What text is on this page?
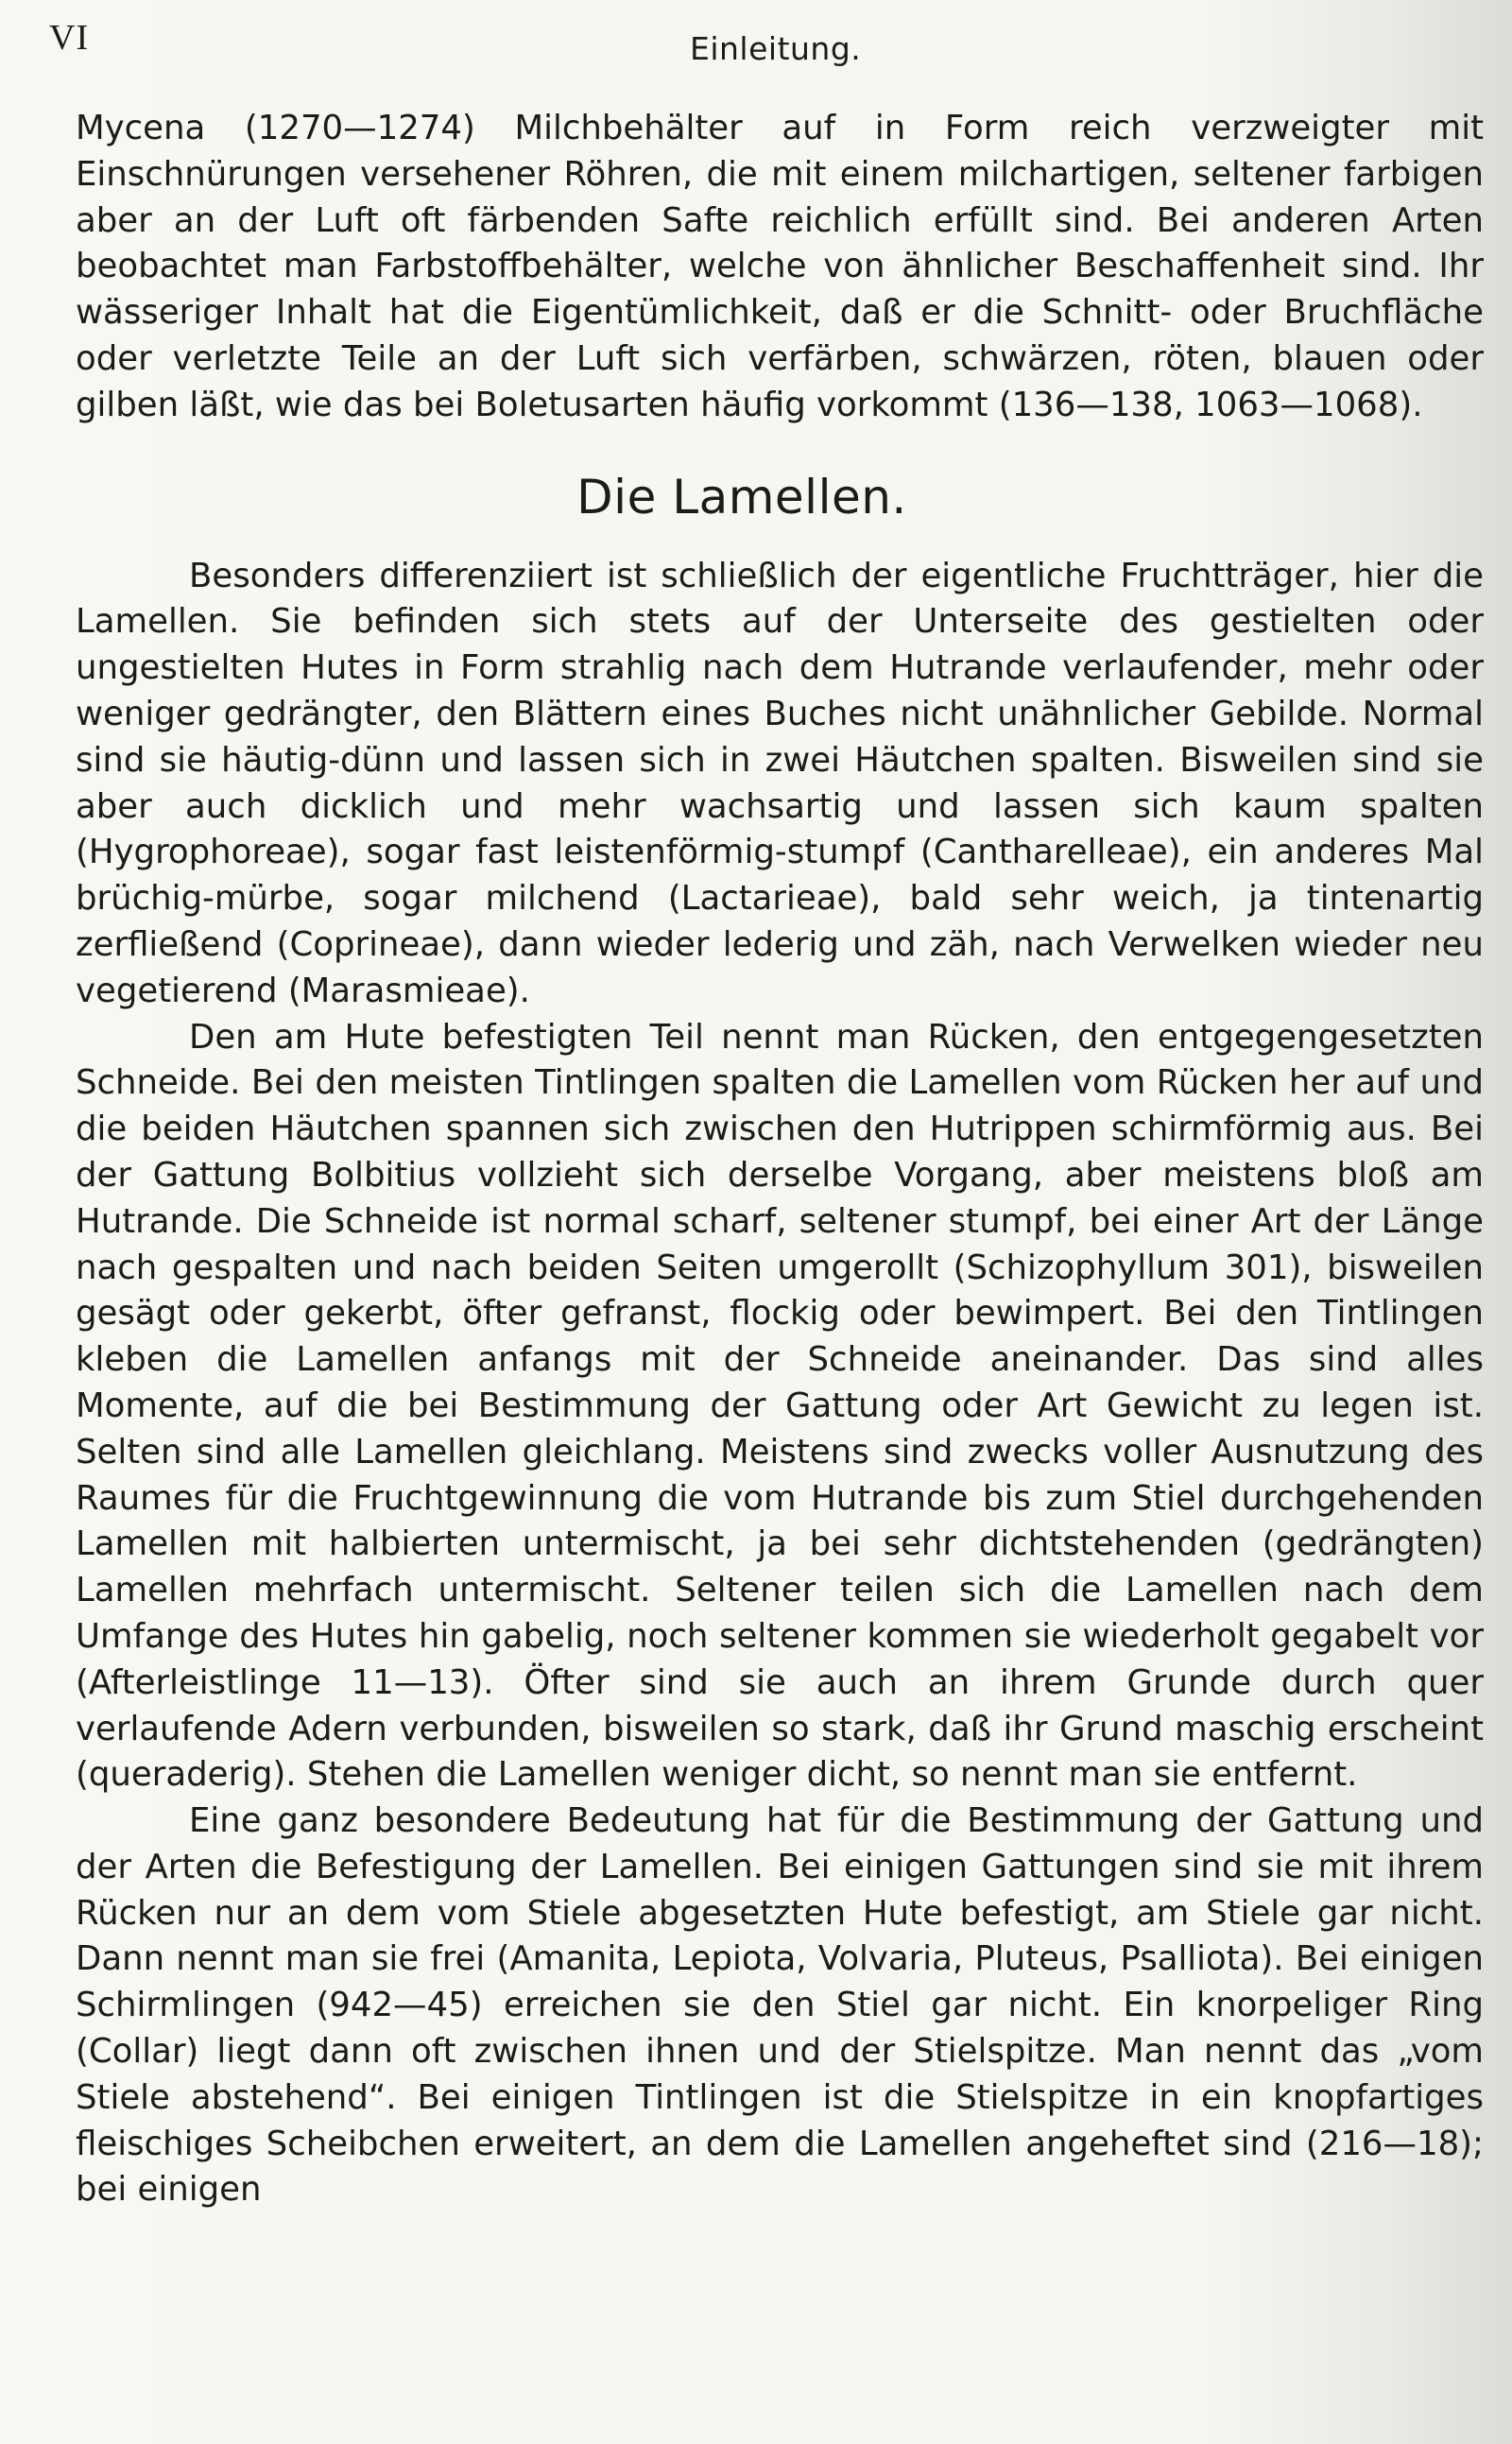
VI	Einleitung.

Mycena (1270—1274) Milchbehälter auf in Form reich verzweigter mit Einschnürungen versehener Röhren, die mit einem milchartigen, seltener farbigen aber an der Luft oft färbenden Safte reichlich erfüllt sind. Bei anderen Arten beobachtet man Farbstoffbehälter, welche von ähnlicher Beschaffenheit sind. Ihr wässeriger Inhalt hat die Eigentümlichkeit, daß er die Schnitt- oder Bruchfläche oder verletzte Teile an der Luft sich verfärben, schwärzen, röten, blauen oder gilben läßt, wie das bei Boletusarten häufig vorkommt (136—138, 1063—1068).

Die Lamellen.

Besonders differenziiert ist schließlich der eigentliche Fruchtträger, hier die Lamellen. Sie befinden sich stets auf der Unterseite des gestielten oder ungestielten Hutes in Form strahlig nach dem Hutrande verlaufender, mehr oder weniger gedrängter, den Blättern eines Buches nicht unähnlicher Gebilde. Normal sind sie häutig-dünn und lassen sich in zwei Häutchen spalten. Bisweilen sind sie aber auch dicklich und mehr wachsartig und lassen sich kaum spalten (Hygrophoreae), sogar fast leistenförmig-stumpf (Cantharelleae), ein anderes Mal brüchig-mürbe, sogar milchend (Lactarieae), bald sehr weich, ja tintenartig zerfließend (Coprineae), dann wieder lederig und zäh, nach Verwelken wieder neu vegetierend (Marasmieae).

Den am Hute befestigten Teil nennt man Rücken, den entgegengesetzten Schneide. Bei den meisten Tintlingen spalten die Lamellen vom Rücken her auf und die beiden Häutchen spannen sich zwischen den Hutrippen schirmförmig aus. Bei der Gattung Bolbitius vollzieht sich derselbe Vorgang, aber meistens bloß am Hutrande. Die Schneide ist normal scharf, seltener stumpf, bei einer Art der Länge nach gespalten und nach beiden Seiten umgerollt (Schizophyllum 301), bisweilen gesägt oder gekerbt, öfter gefranst, flockig oder bewimpert. Bei den Tintlingen kleben die Lamellen anfangs mit der Schneide aneinander. Das sind alles Momente, auf die bei Bestimmung der Gattung oder Art Gewicht zu legen ist. Selten sind alle Lamellen gleichlang. Meistens sind zwecks voller Ausnutzung des Raumes für die Fruchtgewinnung die vom Hutrande bis zum Stiel durchgehenden Lamellen mit halbierten untermischt, ja bei sehr dichtstehenden (gedrängten) Lamellen mehrfach untermischt. Seltener teilen sich die Lamellen nach dem Umfange des Hutes hin gabelig, noch seltener kommen sie wiederholt gegabelt vor (Afterleistlinge 11—13). Öfter sind sie auch an ihrem Grunde durch quer verlaufende Adern verbunden, bisweilen so stark, daß ihr Grund maschig erscheint (queraderig). Stehen die Lamellen weniger dicht, so nennt man sie entfernt.

Eine ganz besondere Bedeutung hat für die Bestimmung der Gattung und der Arten die Befestigung der Lamellen. Bei einigen Gattungen sind sie mit ihrem Rücken nur an dem vom Stiele abgesetzten Hute befestigt, am Stiele gar nicht. Dann nennt man sie frei (Amanita, Lepiota, Volvaria, Pluteus, Psalliota). Bei einigen Schirmlingen (942—45) erreichen sie den Stiel gar nicht. Ein knorpeliger Ring (Collar) liegt dann oft zwischen ihnen und der Stielspitze. Man nennt das „vom Stiele abstehend“. Bei einigen Tintlingen ist die Stielspitze in ein knopfartiges fleischiges Scheibchen erweitert, an dem die Lamellen angeheftet sind (216—18); bei einigen
